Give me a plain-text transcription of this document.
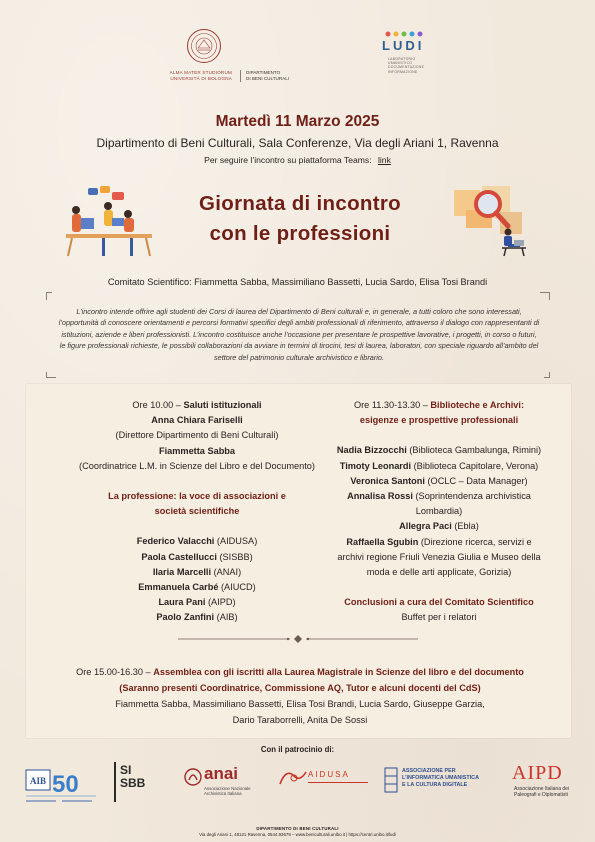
ALMA MATER STUDIORUM
UNIVERSITÀ DI BOLOGNA
DIPARTIMENTO
DI BENI CULTURALI
LUDI
LABORATORIO
UMANISTICO
DOCUMENTAZIONE
INFORMAZIONE
Martedì 11 Marzo 2025
Dipartimento di Beni Culturali, Sala Conferenze, Via degli Ariani 1, Ravenna
Per seguire l’incontro su piattaforma Teams: link
Giornata di incontro
con le professioni
Comitato Scientifico: Fiammetta Sabba, Massimiliano Bassetti, Lucia Sardo, Elisa Tosi Brandi
L’incontro intende offrire agli studenti dei Corsi di laurea del Dipartimento di Beni culturali e, in generale, a tutti coloro che sono interessati, l’opportunità di conoscere orientamenti e percorsi formativi specifici degli ambiti professionali di riferimento, attraverso il dialogo con rappresentanti di istituzioni, aziende e liberi professionisti. L’incontro costituisce anche l’occasione per presentare le prospettive lavorative, i progetti, in corso o futuri, le figure professionali richieste, le possibili collaborazioni da avviare in termini di tirocini, tesi di laurea, laboratori, con speciale riguardo all’ambito del settore del patrimonio culturale archivistico e librario.
Ore 10.00 – Saluti istituzionali
Anna Chiara Fariselli
(Direttore Dipartimento di Beni Culturali)
Fiammetta Sabba
(Coordinatrice L.M. in Scienze del Libro e del Documento)
La professione: la voce di associazioni e
società scientifiche
Federico Valacchi (AIDUSA)
Paola Castellucci (SISBB)
Ilaria Marcelli (ANAI)
Emmanuela Carbé (AIUCD)
Laura Pani (AIPD)
Paolo Zanfini (AIB)
Ore 11.30-13.30 – Biblioteche e Archivi:
esigenze e prospettive professionali
Nadia Bizzocchi (Biblioteca Gambalunga, Rimini)
Timoty Leonardi (Biblioteca Capitolare, Verona)
Veronica Santoni (OCLC – Data Manager)
Annalisa Rossi (Soprintendenza archivistica
Lombardia)
Allegra Paci (Ebla)
Raffaella Sgubin (Direzione ricerca, servizi e
archivi regione Friuli Venezia Giulia e Museo della
moda e delle arti applicate, Gorizia)
Conclusioni a cura del Comitato Scientifico
Buffet per i relatori
Ore 15.00-16.30 – Assemblea con gli iscritti alla Laurea Magistrale in Scienze del libro e del documento
(Saranno presenti Coordinatrice, Commissione AQ, Tutor e alcuni docenti del CdS)
Fiammetta Sabba, Massimiliano Bassetti, Elisa Tosi Brandi, Lucia Sardo, Giuseppe Garzia,
Dario Taraborrelli, Anita De Sossi
Con il patrocinio di:
AIB 50
SI
SBB	anai
Associazione Nazionale
Archivistica Italiana
AIDUSA	ASSOCIAZIONE PER
L’INFORMATICA UMANISTICA
E LA CULTURA DIGITALE
AIPD
Associazione Italiana dei
Paleografi e Diplomatisti
DIPARTIMENTO DI BENI CULTURALI
Via degli Ariani 1, 48121 Ravenna, 0544.93679 – www.beniculturali.unibo.it | https://centri.unibo.it/ludi
